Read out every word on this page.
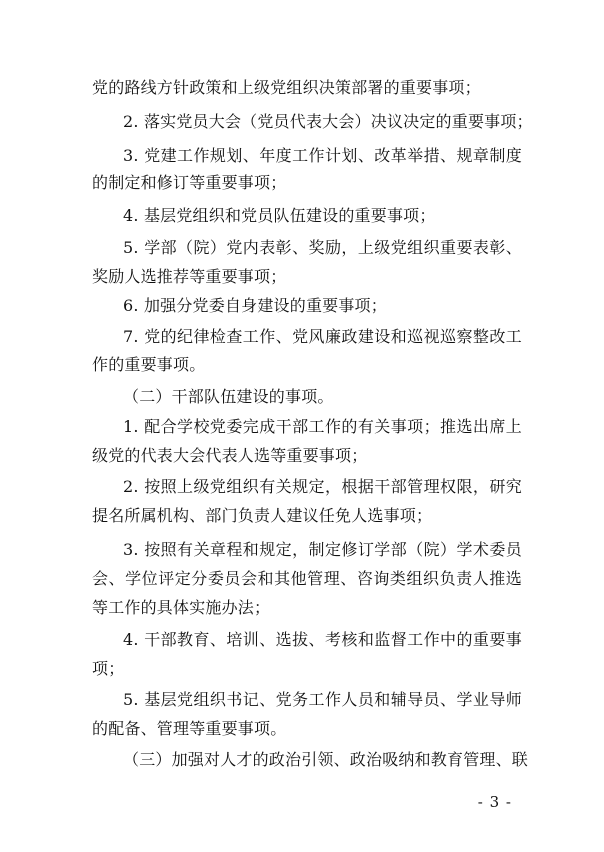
党的路线方针政策和上级党组织决策部署的重要事项；
2. 落实党员大会（党员代表大会）决议决定的重要事项；
3. 党建工作规划、年度工作计划、改革举措、规章制度
的制定和修订等重要事项；
4. 基层党组织和党员队伍建设的重要事项；
5. 学部（院）党内表彰、奖励，上级党组织重要表彰、
奖励人选推荐等重要事项；
6. 加强分党委自身建设的重要事项；
7. 党的纪律检查工作、党风廉政建设和巡视巡察整改工
作的重要事项。
（二）干部队伍建设的事项。
1. 配合学校党委完成干部工作的有关事项；推选出席上
级党的代表大会代表人选等重要事项；
2. 按照上级党组织有关规定，根据干部管理权限，研究
提名所属机构、部门负责人建议任免人选事项；
3. 按照有关章程和规定，制定修订学部（院）学术委员
会、学位评定分委员会和其他管理、咨询类组织负责人推选
等工作的具体实施办法；
4. 干部教育、培训、选拔、考核和监督工作中的重要事
项；
5. 基层党组织书记、党务工作人员和辅导员、学业导师
的配备、管理等重要事项。
（三）加强对人才的政治引领、政治吸纳和教育管理、联
- 3 -
